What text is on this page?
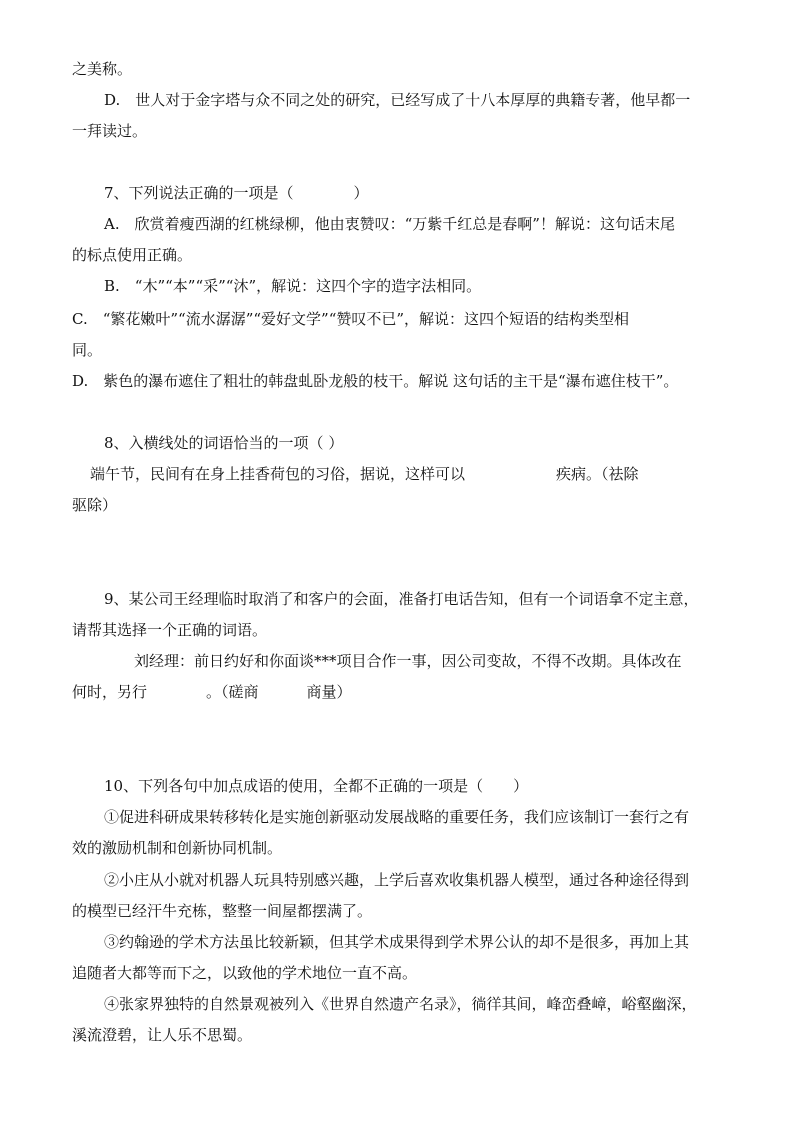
之美称。
D.　世人对于金字塔与众不同之处的研究，已经写成了十八本厚厚的典籍专著，他早都一
一拜读过。
7、下列说法正确的一项是（　　　　）
A.　欣赏着瘦西湖的红桃绿柳，他由衷赞叹：“万紫千红总是春啊”！解说：这句话末尾
的标点使用正确。
B.　“木”“本”“采”“沐”，解说：这四个字的造字法相同。
C.　“繁花嫩叶”“流水潺潺”“爱好文学”“赞叹不已”，解说：这四个短语的结构类型相
同。
D.　紫色的瀑布遮住了粗壮的韩盘虬卧龙般的枝干。解说 这句话的主干是“瀑布遮住枝干”。
8、入横线处的词语恰当的一项（ ）
端午节，民间有在身上挂香荷包的习俗，据说，这样可以	疾病。（祛除
驱除）
9、某公司王经理临时取消了和客户的会面，准备打电话告知，但有一个词语拿不定主意，
请帮其选择一个正确的词语。
刘经理：前日约好和你面谈***项目合作一事，因公司变故，不得不改期。具体改在
何时，另行	。（磋商	商量）
10、下列各句中加点成语的使用，全都不正确的一项是（　　）
①促进科研成果转移转化是实施创新驱动发展战略的重要任务，我们应该制订一套行之有
效的激励机制和创新协同机制。
②小庄从小就对机器人玩具特别感兴趣，上学后喜欢收集机器人模型，通过各种途径得到
的模型已经汗牛充栋，整整一间屋都摆满了。
③约翰逊的学术方法虽比较新颖，但其学术成果得到学术界公认的却不是很多，再加上其
追随者大都等而下之，以致他的学术地位一直不高。
④张家界独特的自然景观被列入《世界自然遗产名录》，徜徉其间，峰峦叠嶂，峪壑幽深，
溪流澄碧，让人乐不思蜀。
